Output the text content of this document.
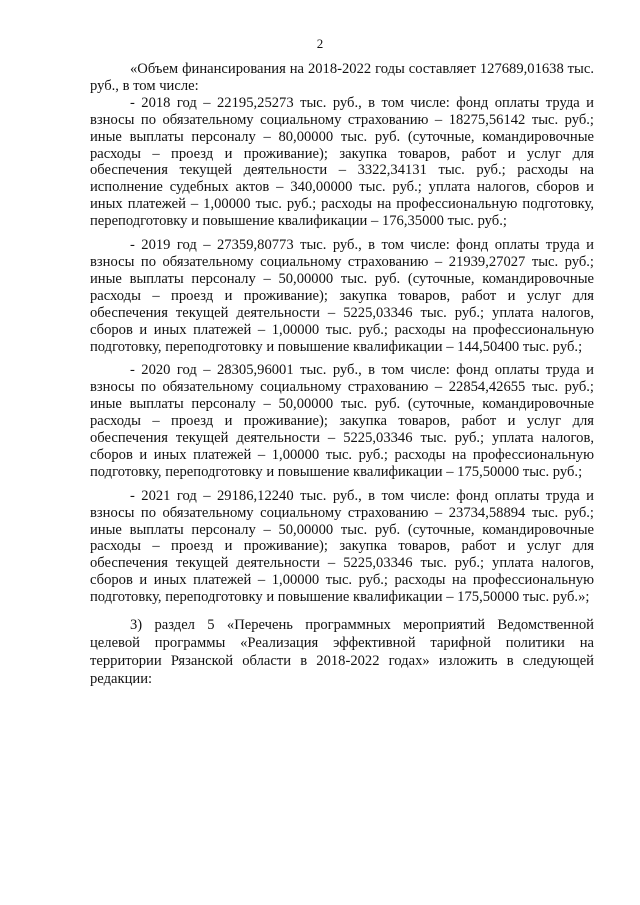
2

«Объем финансирования на 2018-2022 годы составляет 127689,01638 тыс. руб., в том числе:

- 2018 год – 22195,25273 тыс. руб., в том числе: фонд оплаты труда и взносы по обязательному социальному страхованию – 18275,56142 тыс. руб.; иные выплаты персоналу – 80,00000 тыс. руб. (суточные, командировочные расходы – проезд и проживание); закупка товаров, работ и услуг для обеспечения текущей деятельности – 3322,34131 тыс. руб.; расходы на исполнение судебных актов – 340,00000 тыс. руб.; уплата налогов, сборов и иных платежей – 1,00000 тыс. руб.; расходы на профессиональную подготовку, переподготовку и повышение квалификации – 176,35000 тыс. руб.;

- 2019 год – 27359,80773 тыс. руб., в том числе: фонд оплаты труда и взносы по обязательному социальному страхованию – 21939,27027 тыс. руб.; иные выплаты персоналу – 50,00000 тыс. руб. (суточные, командировочные расходы – проезд и проживание); закупка товаров, работ и услуг для обеспечения текущей деятельности – 5225,03346 тыс. руб.; уплата налогов, сборов и иных платежей – 1,00000 тыс. руб.; расходы на профессиональную подготовку, переподготовку и повышение квалификации – 144,50400 тыс. руб.;

- 2020 год – 28305,96001 тыс. руб., в том числе: фонд оплаты труда и взносы по обязательному социальному страхованию – 22854,42655 тыс. руб.; иные выплаты персоналу – 50,00000 тыс. руб. (суточные, командировочные расходы – проезд и проживание); закупка товаров, работ и услуг для обеспечения текущей деятельности – 5225,03346 тыс. руб.; уплата налогов, сборов и иных платежей – 1,00000 тыс. руб.; расходы на профессиональную подготовку, переподготовку и повышение квалификации – 175,50000 тыс. руб.;

- 2021 год – 29186,12240 тыс. руб., в том числе: фонд оплаты труда и взносы по обязательному социальному страхованию – 23734,58894 тыс. руб.; иные выплаты персоналу – 50,00000 тыс. руб. (суточные, командировочные расходы – проезд и проживание); закупка товаров, работ и услуг для обеспечения текущей деятельности – 5225,03346 тыс. руб.; уплата налогов, сборов и иных платежей – 1,00000 тыс. руб.; расходы на профессиональную подготовку, переподготовку и повышение квалификации – 175,50000 тыс. руб.»;

3) раздел 5 «Перечень программных мероприятий Ведомственной целевой программы «Реализация эффективной тарифной политики на территории Рязанской области в 2018-2022 годах» изложить в следующей редакции:
